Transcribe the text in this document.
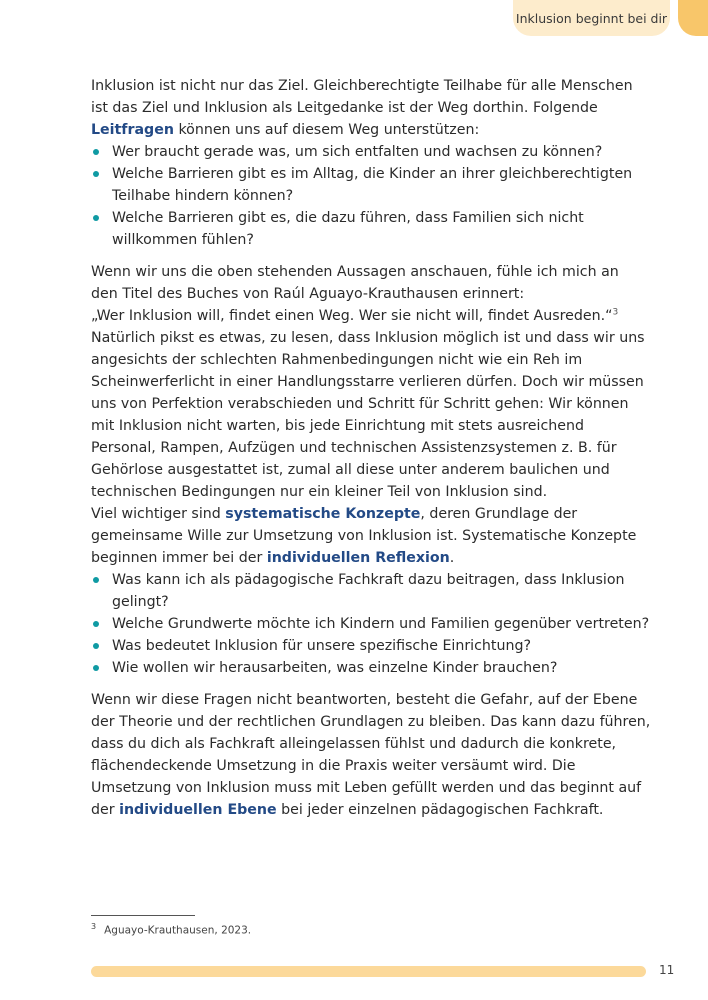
Inklusion beginnt bei dir

Inklusion ist nicht nur das Ziel. Gleichberechtigte Teilhabe für alle Menschen ist das Ziel und Inklusion als Leitgedanke ist der Weg dorthin. Folgende Leitfragen können uns auf diesem Weg unterstützen:

Wer braucht gerade was, um sich entfalten und wachsen zu können?
Welche Barrieren gibt es im Alltag, die Kinder an ihrer gleichberechtigten Teilhabe hindern können?
Welche Barrieren gibt es, die dazu führen, dass Familien sich nicht willkommen fühlen?

Wenn wir uns die oben stehenden Aussagen anschauen, fühle ich mich an
den Titel des Buches von Raúl Aguayo-Krauthausen erinnert:
„Wer Inklusion will, findet einen Weg. Wer sie nicht will, findet Ausreden.“$^3$
Natürlich pikst es etwas, zu lesen, dass Inklusion möglich ist und dass wir uns angesichts der schlechten Rahmenbedingungen nicht wie ein Reh im Scheinwerferlicht in einer Handlungsstarre verlieren dürfen. Doch wir müssen uns von Perfektion verabschieden und Schritt für Schritt gehen: Wir können mit Inklusion nicht warten, bis jede Einrichtung mit stets ausreichend Personal, Rampen, Aufzügen und technischen Assistenzsystemen z. B. für Gehörlose ausgestattet ist, zumal all diese unter anderem baulichen und technischen Bedingungen nur ein kleiner Teil von Inklusion sind.

Viel wichtiger sind systematische Konzepte, deren Grundlage der gemeinsame Wille zur Umsetzung von Inklusion ist. Systematische Konzepte beginnen immer bei der individuellen Reflexion.

Was kann ich als pädagogische Fachkraft dazu beitragen, dass Inklusion gelingt?
Welche Grundwerte möchte ich Kindern und Familien gegenüber vertreten?
Was bedeutet Inklusion für unsere spezifische Einrichtung?
Wie wollen wir herausarbeiten, was einzelne Kinder brauchen?

Wenn wir diese Fragen nicht beantworten, besteht die Gefahr, auf der Ebene der Theorie und der rechtlichen Grundlagen zu bleiben. Das kann dazu führen, dass du dich als Fachkraft alleingelassen fühlst und dadurch die konkrete, flächendeckende Umsetzung in die Praxis weiter versäumt wird. Die Umsetzung von Inklusion muss mit Leben gefüllt werden und das beginnt auf der individuellen Ebene bei jeder einzelnen pädagogischen Fachkraft.

$^3$ Aguayo-Krauthausen, 2023.
11
